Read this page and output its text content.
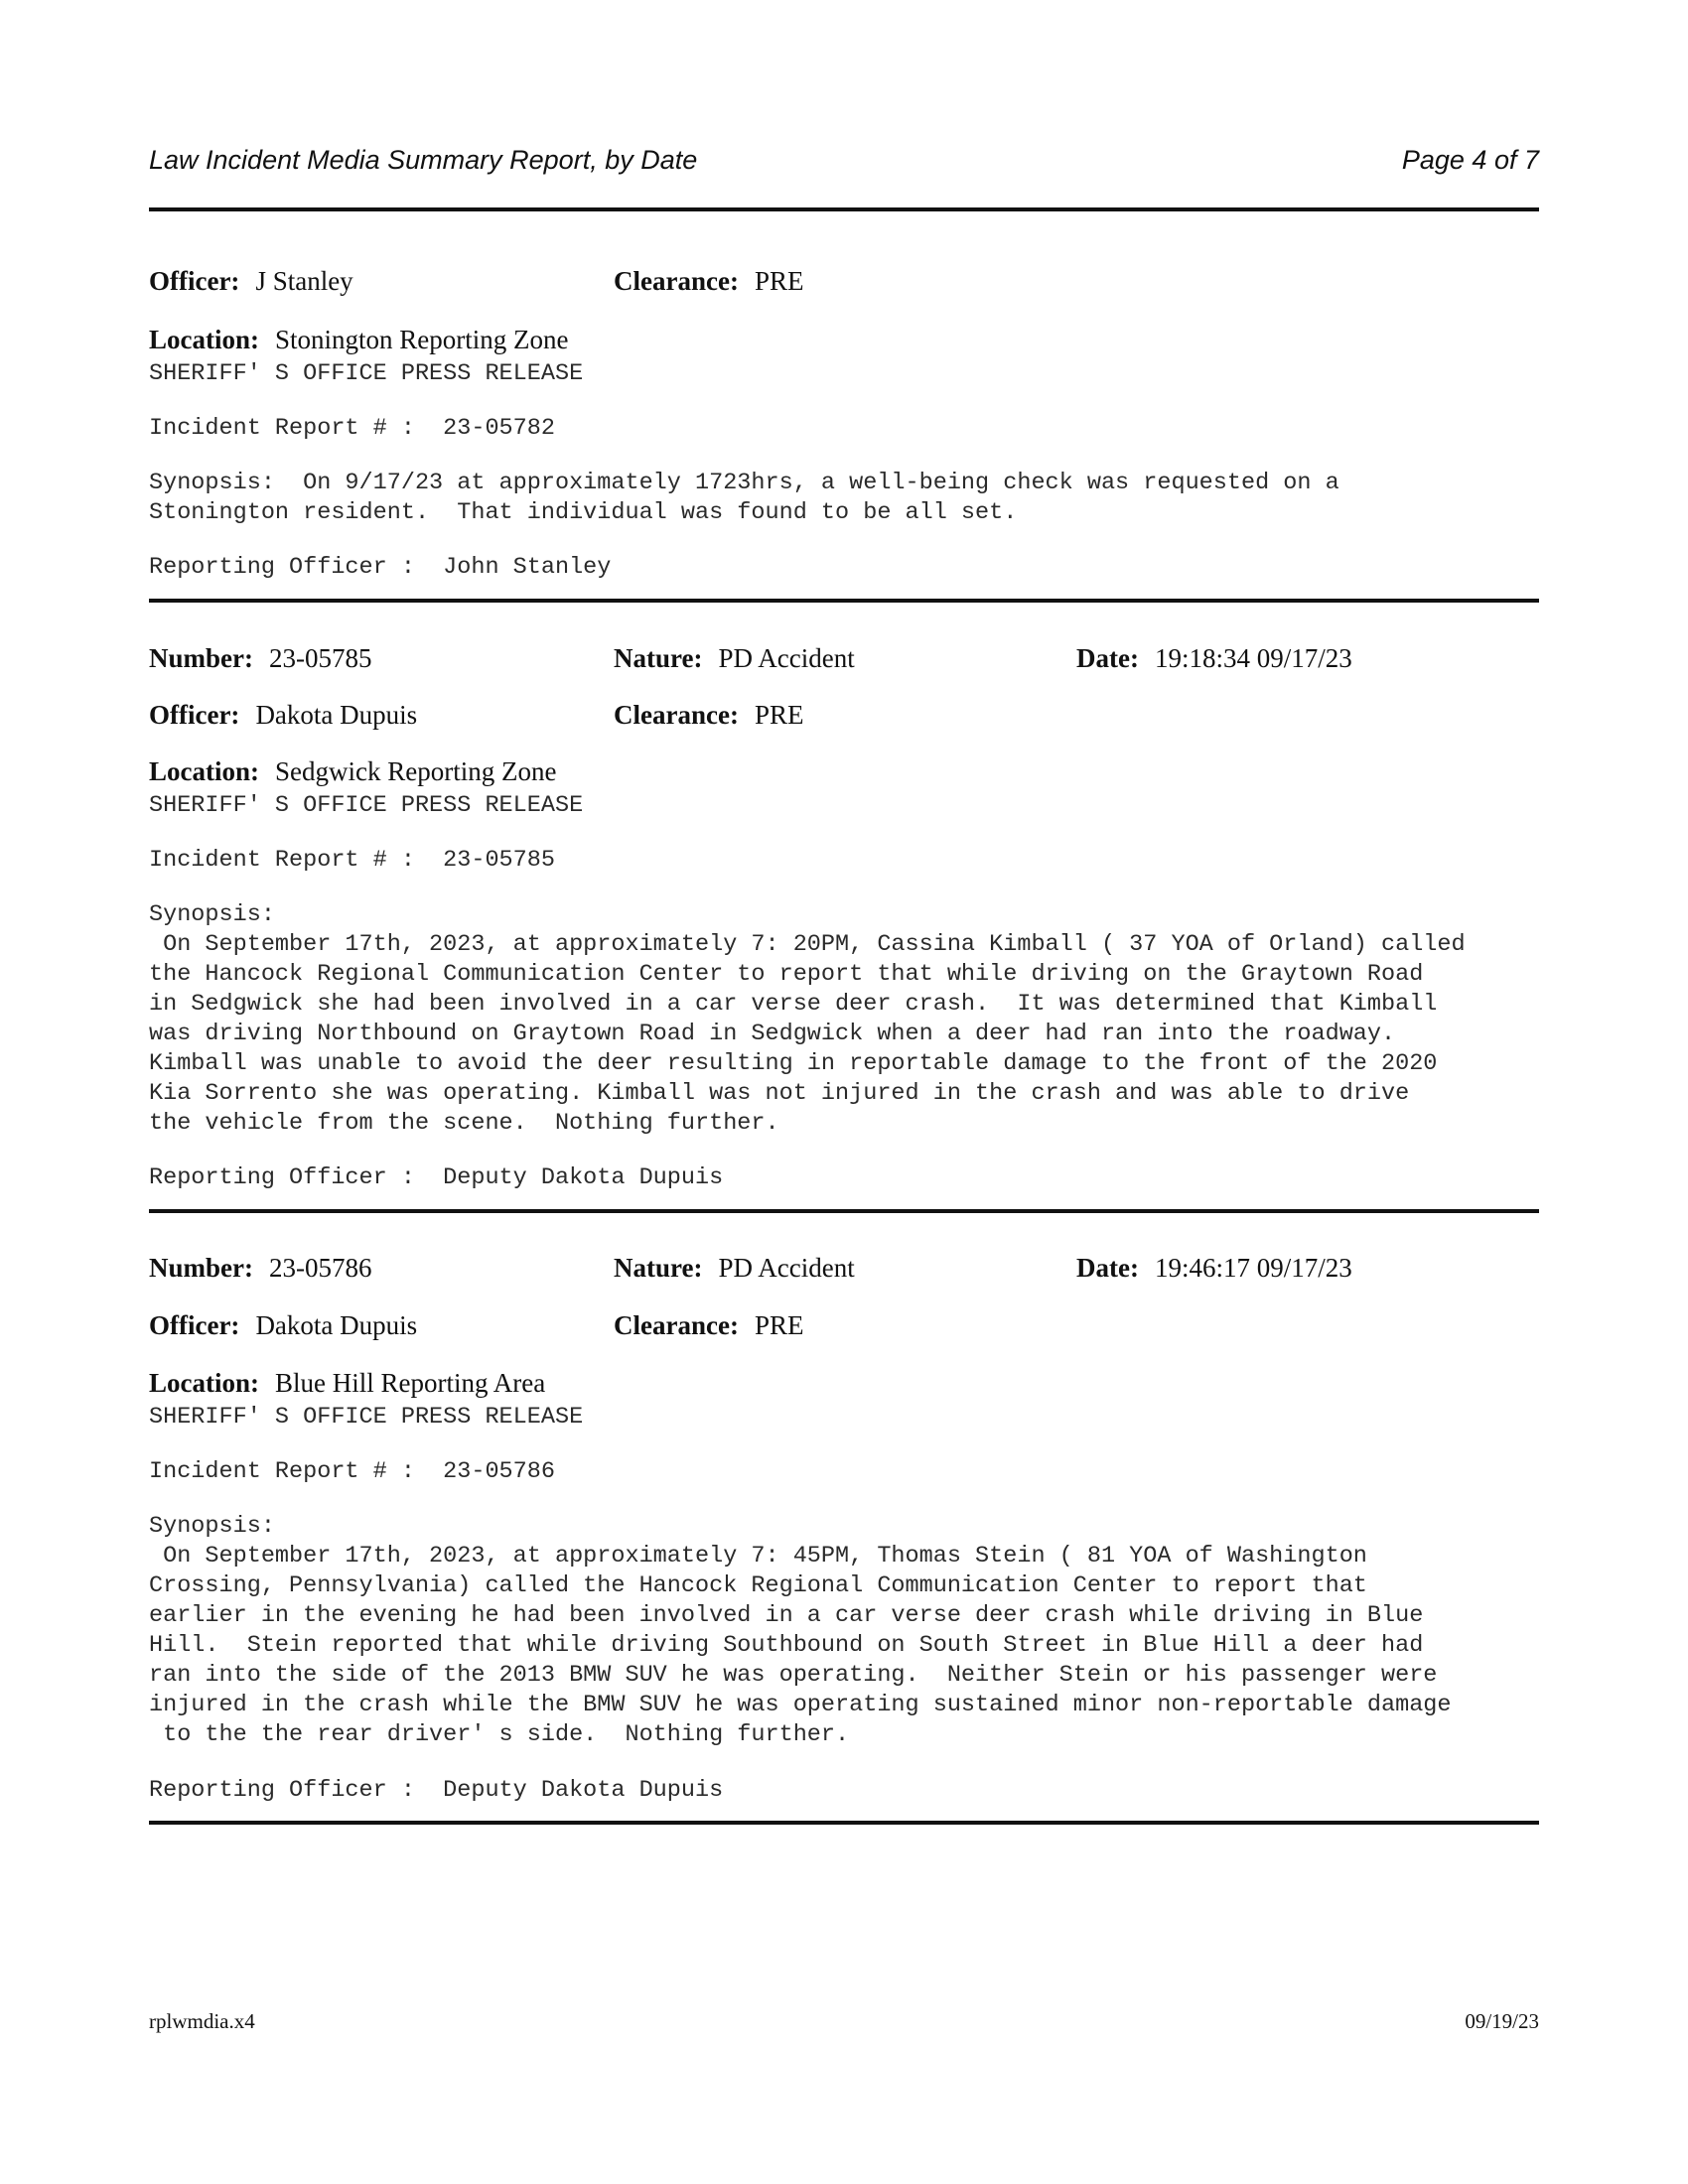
Law Incident Media Summary Report, by Date	Page 4 of 7
Officer: J Stanley	Clearance: PRE
Location: Stonington Reporting Zone
SHERIFF' S OFFICE PRESS RELEASE
Incident Report # :  23-05782
Synopsis:  On 9/17/23 at approximately 1723hrs, a well-being check was requested on a
Stonington resident.  That individual was found to be all set.
Reporting Officer :  John Stanley
Number: 23-05785	Nature: PD Accident	Date: 19:18:34 09/17/23
Officer: Dakota Dupuis	Clearance: PRE
Location: Sedgwick Reporting Zone
SHERIFF' S OFFICE PRESS RELEASE
Incident Report # :  23-05785
Synopsis:
On September 17th, 2023, at approximately 7: 20PM, Cassina Kimball ( 37 YOA of Orland) called
the Hancock Regional Communication Center to report that while driving on the Graytown Road
in Sedgwick she had been involved in a car verse deer crash.  It was determined that Kimball
was driving Northbound on Graytown Road in Sedgwick when a deer had ran into the roadway.
Kimball was unable to avoid the deer resulting in reportable damage to the front of the 2020
Kia Sorrento she was operating. Kimball was not injured in the crash and was able to drive
the vehicle from the scene.  Nothing further.
Reporting Officer :  Deputy Dakota Dupuis
Number: 23-05786	Nature: PD Accident	Date: 19:46:17 09/17/23
Officer: Dakota Dupuis	Clearance: PRE
Location: Blue Hill Reporting Area
SHERIFF' S OFFICE PRESS RELEASE
Incident Report # :  23-05786
Synopsis:
On September 17th, 2023, at approximately 7: 45PM, Thomas Stein ( 81 YOA of Washington
Crossing, Pennsylvania) called the Hancock Regional Communication Center to report that
earlier in the evening he had been involved in a car verse deer crash while driving in Blue
Hill.  Stein reported that while driving Southbound on South Street in Blue Hill a deer had
ran into the side of the 2013 BMW SUV he was operating.  Neither Stein or his passenger were
injured in the crash while the BMW SUV he was operating sustained minor non-reportable damage
to the the rear driver' s side.  Nothing further.
Reporting Officer :  Deputy Dakota Dupuis
rplwmdia.x4	09/19/23
